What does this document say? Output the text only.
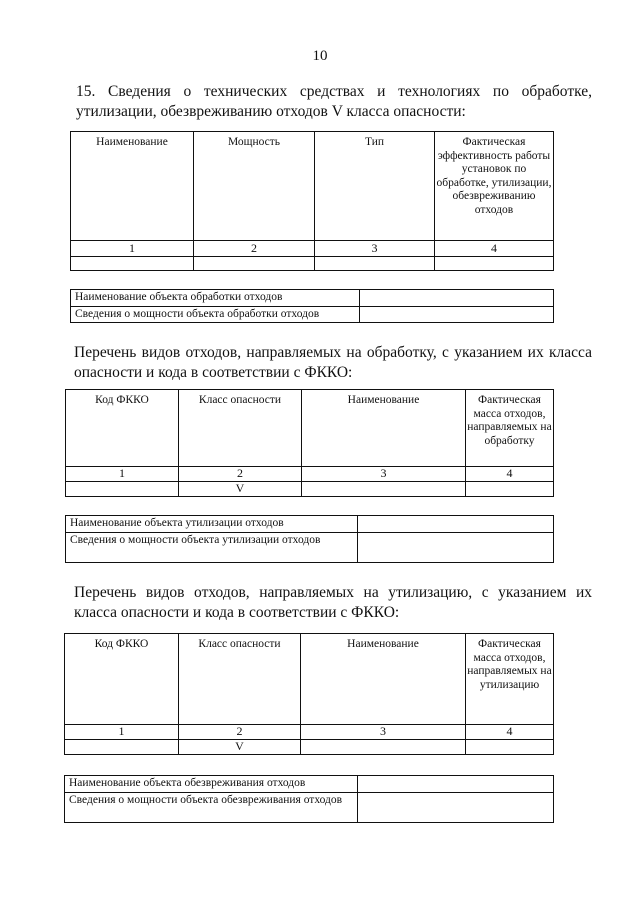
10
15. Сведения о технических средствах и технологиях по обработке, утилизации, обезвреживанию отходов V класса опасности:
Наименование	Мощность	Тип	Фактическая эффективность работы установок по обработке, утилизации, обезвреживанию отходов
1	2	3	4

Наименование объекта обработки отходов	
Сведения о мощности объекта обработки отходов	
Перечень видов отходов, направляемых на обработку, с указанием их класса опасности и кода в соответствии с ФККО:
Код ФККО	Класс опасности	Наименование	Фактическая масса отходов, направляемых на обработку
1	2	3	4
	V		
Наименование объекта утилизации отходов	
Сведения о мощности объекта утилизации отходов	
Перечень видов отходов, направляемых на утилизацию, с указанием их класса опасности и кода в соответствии с ФККО:
Код ФККО	Класс опасности	Наименование	Фактическая масса отходов, направляемых на утилизацию
1	2	3	4
	V		
Наименование объекта обезвреживания отходов	
Сведения о мощности объекта обезвреживания отходов	
